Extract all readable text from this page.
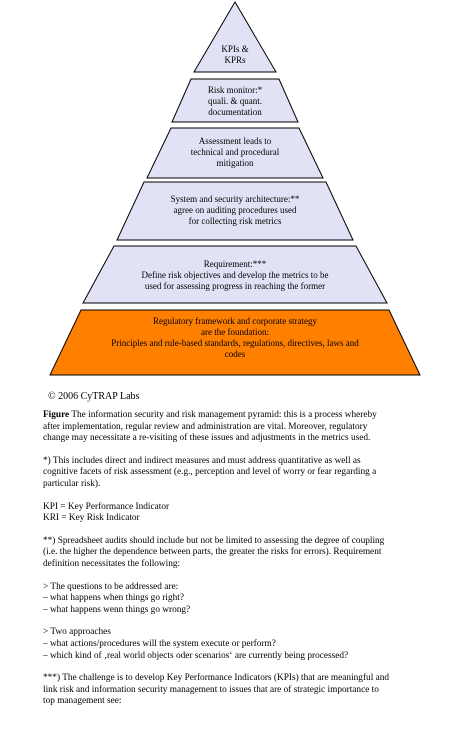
KPIs &
KPRs
Risk monitor:*
quali. & quant.
documentation
Assessment leads to
technical and procedural
mitigation
System and security architecture:**
agree on auditing procedures used
for collecting risk metrics
Requirement:***
Define risk objectives and develop the metrics to be
used for assessing progress in reaching the former
Regulatory framework and corporate strategy
are the foundation:
Principles and rule-based standards, regulations, directives, laws and
codes
© 2006 CyTRAP Labs

Figure The information security and risk management pyramid: this is a process whereby
after implementation, regular review and administration are vital. Moreover, regulatory
change may necessitate a re-visiting of these issues and adjustments in the metrics used.

*) This includes direct and indirect measures and must address quantitative as well as
cognitive facets of risk assessment (e.g., perception and level of worry or fear regarding a
particular risk).

KPI = Key Performance Indicator
KRI = Key Risk Indicator

**) Spreadsheet audits should include but not be limited to assessing the degree of coupling
(i.e. the higher the dependence between parts, the greater the risks for errors). Requirement
definition necessitates the following:

> The questions to be addressed are:
– what happens when things go right?
– what happens wenn things go wrong?

> Two approaches
– what actions/procedures will the system execute or perform?
– which kind of ‚real world objects oder scenarios‘ are currently being processed?

***) The challenge is to develop Key Performance Indicators (KPIs) that are meaningful and
link risk and information security management to issues that are of strategic importance to
top management see:
